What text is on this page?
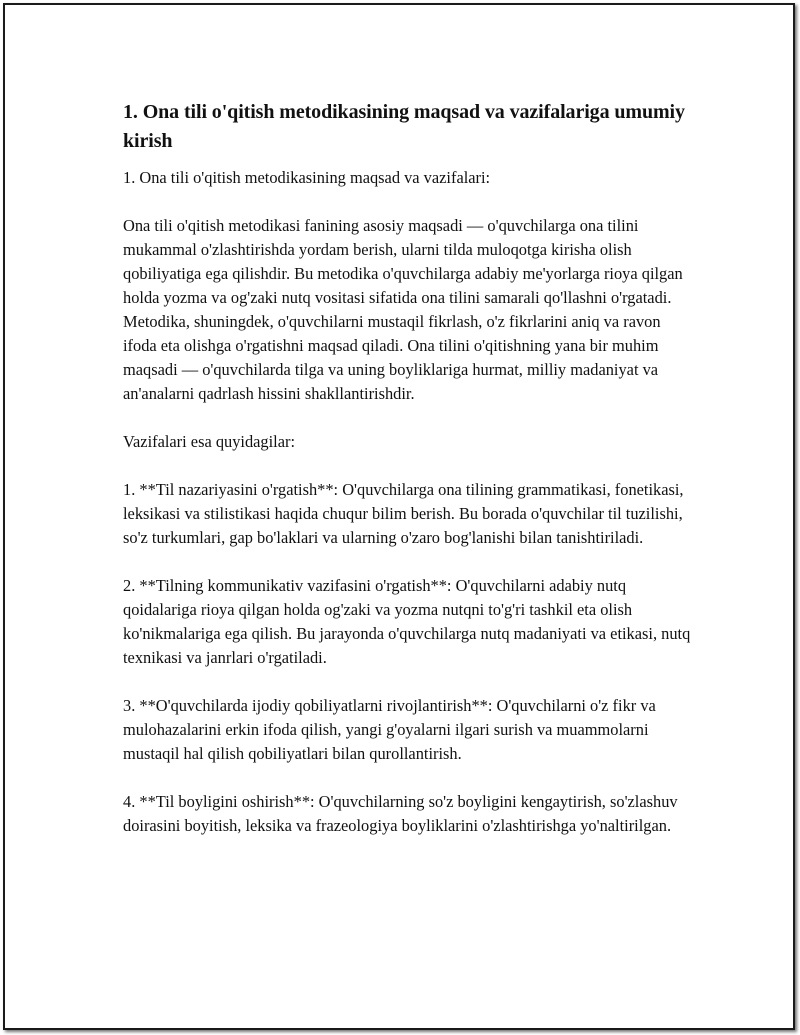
1. Ona tili o'qitish metodikasining maqsad va vazifalariga umumiy kirish

1. Ona tili o'qitish metodikasining maqsad va vazifalari:

Ona tili o'qitish metodikasi fanining asosiy maqsadi — o'quvchilarga ona tilini mukammal o'zlashtirishda yordam berish, ularni tilda muloqotga kirisha olish qobiliyatiga ega qilishdir. Bu metodika o'quvchilarga adabiy me'yorlarga rioya qilgan holda yozma va og'zaki nutq vositasi sifatida ona tilini samarali qo'llashni o'rgatadi. Metodika, shuningdek, o'quvchilarni mustaqil fikrlash, o'z fikrlarini aniq va ravon ifoda eta olishga o'rgatishni maqsad qiladi. Ona tilini o'qitishning yana bir muhim maqsadi — o'quvchilarda tilga va uning boyliklariga hurmat, milliy madaniyat va an'analarni qadrlash hissini shakllantirishdir.

Vazifalari esa quyidagilar:

1. **Til nazariyasini o'rgatish**: O'quvchilarga ona tilining grammatikasi, fonetikasi, leksikasi va stilistikasi haqida chuqur bilim berish. Bu borada o'quvchilar til tuzilishi, so'z turkumlari, gap bo'laklari va ularning o'zaro bog'lanishi bilan tanishtiriladi.

2. **Tilning kommunikativ vazifasini o'rgatish**: O'quvchilarni adabiy nutq qoidalariga rioya qilgan holda og'zaki va yozma nutqni to'g'ri tashkil eta olish ko'nikmalariga ega qilish. Bu jarayonda o'quvchilarga nutq madaniyati va etikasi, nutq texnikasi va janrlari o'rgatiladi.

3. **O'quvchilarda ijodiy qobiliyatlarni rivojlantirish**: O'quvchilarni o'z fikr va mulohazalarini erkin ifoda qilish, yangi g'oyalarni ilgari surish va muammolarni mustaqil hal qilish qobiliyatlari bilan qurollantirish.

4. **Til boyligini oshirish**: O'quvchilarning so'z boyligini kengaytirish, so'zlashuv doirasini boyitish, leksika va frazeologiya boyliklarini o'zlashtirishga yo'naltirilgan.
